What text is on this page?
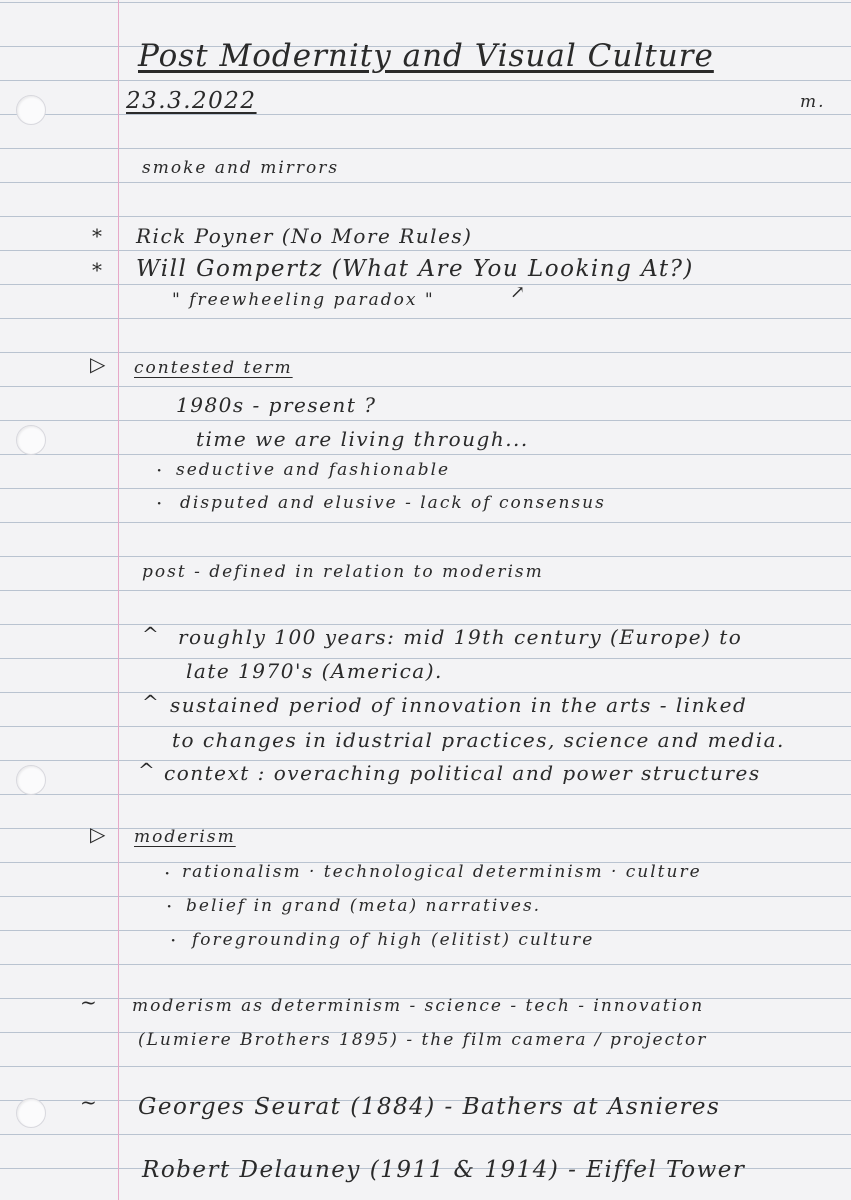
Post Modernity and Visual Culture
23.3.2022	m.
smoke and mirrors
* Rick Poyner (No More Rules)
* Will Gompertz (What Are You Looking At?)
" freewheeling paradox "	↗
▷ contested term
1980s - present ?
time we are living through...
· seductive and fashionable
· disputed and elusive - lack of consensus
post - defined in relation to moderism
^ roughly 100 years: mid 19th century (Europe) to
late 1970's (America).
^ sustained period of innovation in the arts - linked
to changes in idustrial practices, science and media.
^ context : overaching political and power structures
▷ moderism
· rationalism · technological determinism · culture
· belief in grand (meta) narratives.
· foregrounding of high (elitist) culture
~ moderism as determinism - science - tech - innovation
(Lumiere Brothers 1895) - the film camera / projector
~ Georges Seurat (1884) - Bathers at Asnieres
Robert Delauney (1911 & 1914) - Eiffel Tower
